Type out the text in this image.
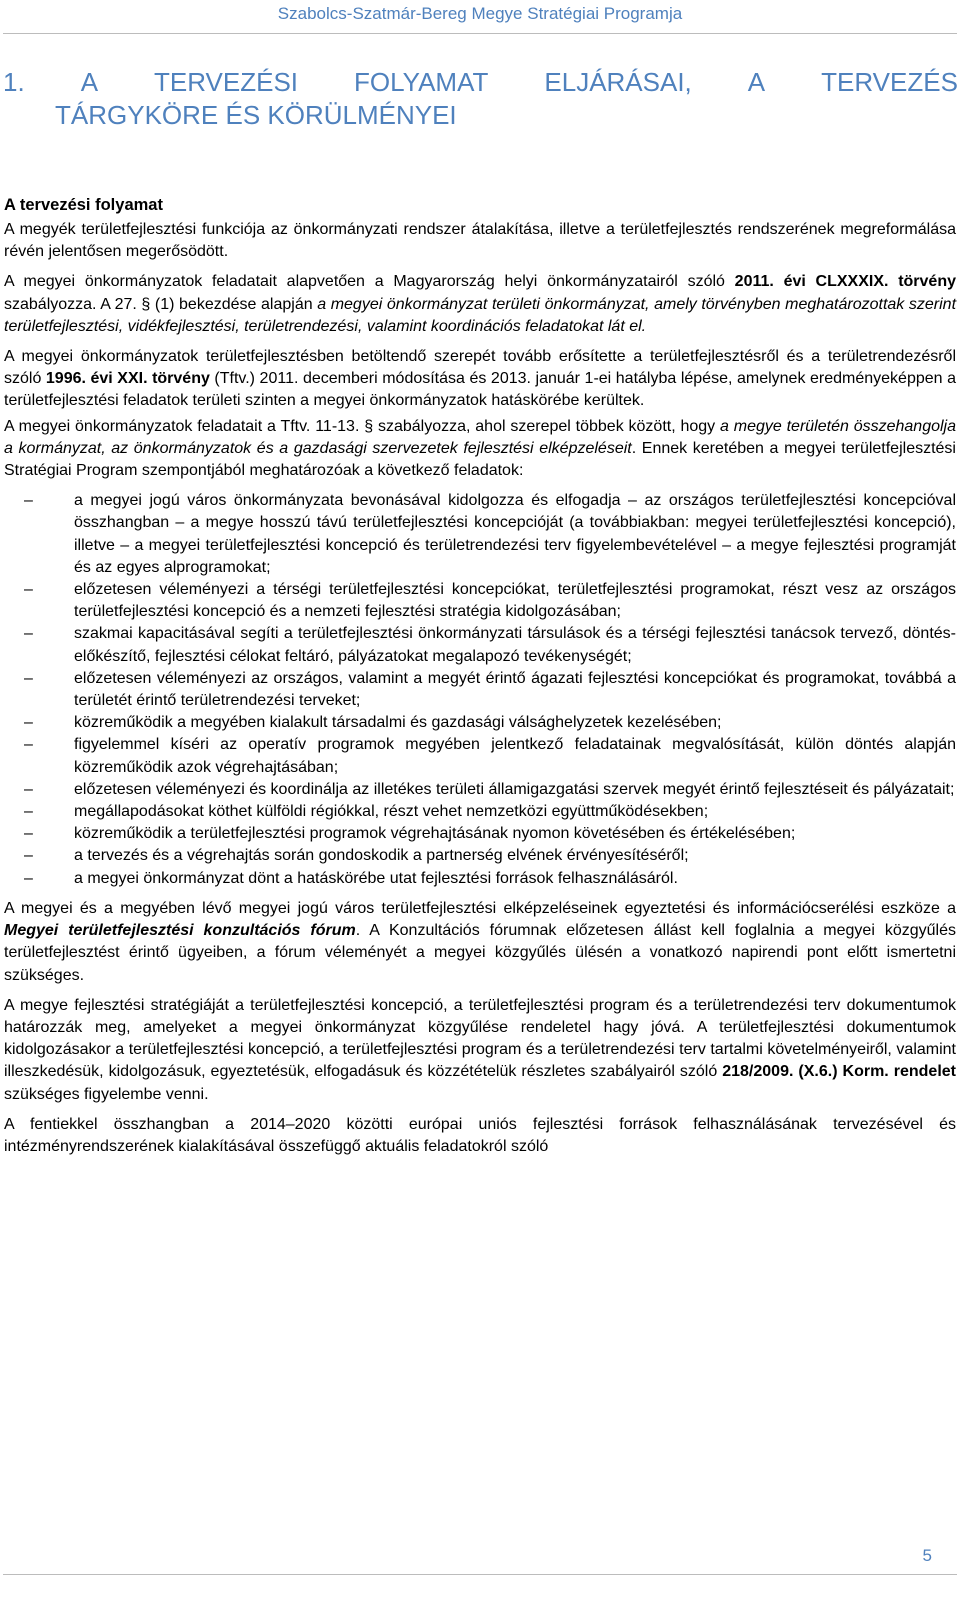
Szabolcs-Szatmár-Bereg Megye Stratégiai Programja
1. A TERVEZÉSI FOLYAMAT ELJÁRÁSAI, A TERVEZÉS
TÁRGYKÖRE ÉS KÖRÜLMÉNYEI
A tervezési folyamat

A megyék területfejlesztési funkciója az önkormányzati rendszer átalakítása, illetve a területfejlesztés rendszerének megreformálása révén jelentősen megerősödött.

A megyei önkormányzatok feladatait alapvetően a Magyarország helyi önkormányzatairól szóló 2011. évi CLXXXIX. törvény szabályozza. A 27. § (1) bekezdése alapján a megyei önkormányzat területi önkormányzat, amely törvényben meghatározottak szerint területfejlesztési, vidékfejlesztési, területrendezési, valamint koordinációs feladatokat lát el.

A megyei önkormányzatok területfejlesztésben betöltendő szerepét tovább erősítette a területfejlesztésről és a területrendezésről szóló 1996. évi XXI. törvény (Tftv.) 2011. decemberi módosítása és 2013. január 1-ei hatályba lépése, amelynek eredményeképpen a területfejlesztési feladatok területi szinten a megyei önkormányzatok hatáskörébe kerültek.

A megyei önkormányzatok feladatait a Tftv. 11-13. § szabályozza, ahol szerepel többek között, hogy a megye területén összehangolja a kormányzat, az önkormányzatok és a gazdasági szervezetek fejlesztési elképzeléseit. Ennek keretében a megyei területfejlesztési Stratégiai Program szempontjából meghatározóak a következő feladatok:

–	a megyei jogú város önkormányzata bevonásával kidolgozza és elfogadja – az országos területfejlesztési koncepcióval összhangban – a megye hosszú távú területfejlesztési koncepcióját (a továbbiakban: megyei területfejlesztési koncepció), illetve – a megyei területfejlesztési koncepció és területrendezési terv figyelembevételével – a megye fejlesztési programját és az egyes alprogramokat;
–	előzetesen véleményezi a térségi területfejlesztési koncepciókat, területfejlesztési programokat, részt vesz az országos területfejlesztési koncepció és a nemzeti fejlesztési stratégia kidolgozásában;
–	szakmai kapacitásával segíti a területfejlesztési önkormányzati társulások és a térségi fejlesztési tanácsok tervező, döntés-előkészítő, fejlesztési célokat feltáró, pályázatokat megalapozó tevékenységét;
–	előzetesen véleményezi az országos, valamint a megyét érintő ágazati fejlesztési koncepciókat és programokat, továbbá a területét érintő területrendezési terveket;
–	közreműködik a megyében kialakult társadalmi és gazdasági válsághelyzetek kezelésében;
–	figyelemmel kíséri az operatív programok megyében jelentkező feladatainak megvalósítását, külön döntés alapján közreműködik azok végrehajtásában;
–	előzetesen véleményezi és koordinálja az illetékes területi államigazgatási szervek megyét érintő fejlesztéseit és pályázatait;
–	megállapodásokat köthet külföldi régiókkal, részt vehet nemzetközi együttműködésekben;
–	közreműködik a területfejlesztési programok végrehajtásának nyomon követésében és értékelésében;
–	a tervezés és a végrehajtás során gondoskodik a partnerség elvének érvényesítéséről;
–	a megyei önkormányzat dönt a hatáskörébe utat fejlesztési források felhasználásáról.

A megyei és a megyében lévő megyei jogú város területfejlesztési elképzeléseinek egyeztetési és információcserélési eszköze a Megyei területfejlesztési konzultációs fórum. A Konzultációs fórumnak előzetesen állást kell foglalnia a megyei közgyűlés területfejlesztést érintő ügyeiben, a fórum véleményét a megyei közgyűlés ülésén a vonatkozó napirendi pont előtt ismertetni szükséges.

A megye fejlesztési stratégiáját a területfejlesztési koncepció, a területfejlesztési program és a területrendezési terv dokumentumok határozzák meg, amelyeket a megyei önkormányzat közgyűlése rendeletel hagy jóvá. A területfejlesztési dokumentumok kidolgozásakor a területfejlesztési koncepció, a területfejlesztési program és a területrendezési terv tartalmi követelményeiről, valamint illeszkedésük, kidolgozásuk, egyeztetésük, elfogadásuk és közzétételük részletes szabályairól szóló 218/2009. (X.6.) Korm. rendelet szükséges figyelembe venni.

A fentiekkel összhangban a 2014–2020 közötti európai uniós fejlesztési források felhasználásának tervezésével és intézményrendszerének kialakításával összefüggő aktuális feladatokról szóló

5
